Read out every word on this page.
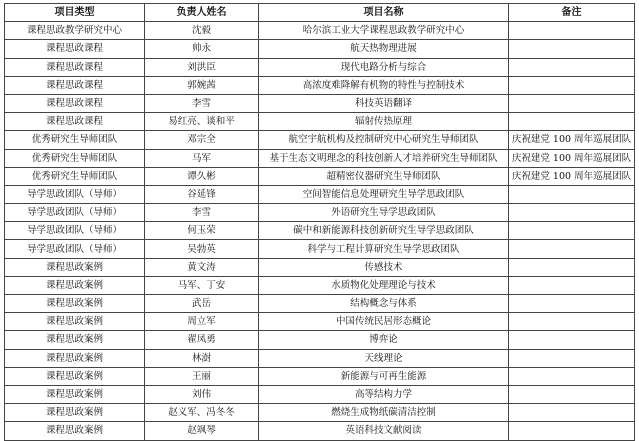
项目类型	负责人姓名	项目名称	备注
课程思政教学研究中心	沈毅	哈尔滨工业大学课程思政教学研究中心	
课程思政课程	帅永	航天热物理进展	
课程思政课程	刘洪臣	现代电路分析与综合	
课程思政课程	郭婉茜	高浓度难降解有机物的特性与控制技术	
课程思政课程	李雪	科技英语翻译	
课程思政课程	易红亮、谈和平	辐射传热原理	
优秀研究生导师团队	邓宗全	航空宇航机构及控制研究中心研究生导师团队	庆祝建党 100 周年巡展团队
优秀研究生导师团队	马军	基于生态文明理念的科技创新人才培养研究生导师团队	庆祝建党 100 周年巡展团队
优秀研究生导师团队	谭久彬	超精密仪器研究生导师团队	庆祝建党 100 周年巡展团队
导学思政团队（导师）	谷延锋	空间智能信息处理研究生导学思政团队	
导学思政团队（导师）	李雪	外语研究生导学思政团队	
导学思政团队（导师）	何玉荣	碳中和新能源科技创新研究生导学思政团队	
导学思政团队（导师）	吴勃英	科学与工程计算研究生导学思政团队	
课程思政案例	黄文涛	传感技术	
课程思政案例	马军、丁安	水质物化处理理论与技术	
课程思政案例	武岳	结构概念与体系	
课程思政案例	周立军	中国传统民居形态概论	
课程思政案例	翟凤勇	博弈论	
课程思政案例	林澍	天线理论	
课程思政案例	王丽	新能源与可再生能源	
课程思政案例	刘伟	高等结构力学	
课程思政案例	赵义军、冯冬冬	燃烧生成物纸碳清洁控制	
课程思政案例	赵飒琴	英语科技文献阅读	
